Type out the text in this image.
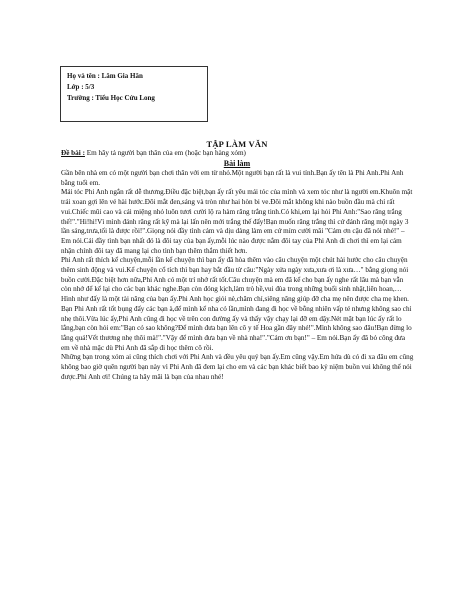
Họ và tên : Lâm Gia Hân
Lớp : 5/3
Trường : Tiểu Học Cửu Long
TẬP LÀM VĂN
Đề bài : Em hãy tả người bạn thân của em (hoặc bạn hàng xóm)
Bài làm

Gần bên nhà em có một người bạn chơi thân với em từ nhỏ.Một người bạn rất là vui tính.Bạn ấy tên là Phi Anh.Phi Anh bằng tuổi em.

Mái tóc Phi Anh ngắn rất dễ thương.Điều đặc biệt,bạn ấy rất yêu mái tóc của mình và xem tóc như là người em.Khuôn mặt trái xoan gợi lên vẻ hài hước.Đôi mắt đen,sáng và tròn như hai hòn bi ve.Đôi mắt không khi nào buồn đầu mà chỉ rất vui.Chiếc mũi cao và cái miệng nhỏ luôn tươi cười lộ ra hàm răng trắng tinh.Có khi,em lại hỏi Phi Anh:"Sao răng trắng thế!"."Hi!hi!Vì mình đánh răng rất kỹ mà lại lấn nên mới trắng thế đấy!Bạn muốn răng trắng thì cứ đánh răng một ngày 3 lần sáng,trưa,tối là được rồi!".Giọng nói đầy tình cảm và dịu dàng làm em cứ mỉm cười mãi "Cảm ơn cậu đã nói nhé!" – Em nói.Cái đầy tình bạn nhất đó là đôi tay của bạn ấy,mỗi lúc nào được nắm đôi tay của Phi Anh đi chơi thì em lại cảm nhận chính đôi tay đã mang lại cho tình bạn thêm thắm thiết hơn.

Phi Anh rất thích kể chuyện,mỗi lần kể chuyện thì bạn ấy đã hòa thêm vào câu chuyện một chút hài hước cho câu chuyện thêm sinh động và vui.Kể chuyện cổ tích thì bạn hay bắt đầu từ câu:"Ngày xửa ngày xưa,xưa ơi là xưa…" bằng giọng nói buồn cười.Đặc biệt hơn nữa,Phi Anh có một trí nhớ rất tốt.Câu chuyện mà em đã kể cho bạn ấy nghe rất lâu mà bạn vẫn còn nhớ để kể lại cho các bạn khác nghe.Bạn còn đóng kịch,làm trò hề,vui đùa trong những buổi sinh nhật,liên hoan,…Hình như đấy là một tài năng của bạn ấy.Phi Anh học giỏi nè,chăm chỉ,siêng năng giúp đỡ cha mẹ nên được cha mẹ khen.

Bạn Phi Anh rất tốt bụng đấy các bạn à,để mình kể nha có lần,mình đang đi học về bỗng nhiên vấp té nhưng không sao chỉ nhẹ thôi.Vừa lúc ấy,Phi Anh cũng đi học về trên con đường ấy và thấy vậy chạy lại đỡ em dậy.Nét mặt bạn lúc ấy rất lo lắng,bạn còn hỏi em:"Bạn có sao không?Để mình đưa bạn lên cô y tế Hoa gần đây nhé!".Mình không sao đâu!Bạn đừng lo lắng quá!Vết thương nhẹ thôi mà!"."Vậy để mình đưa bạn về nhà nha!"."Cảm ơn bạn!" – Em nói.Bạn ấy đã bỏ công đưa em về nhà mặc dù Phi Anh đã sắp đi học thêm cô rồi.

Những bạn trong xóm ai cũng thích chơi với Phi Anh và đều yêu quý bạn ấy.Em cũng vậy.Em hứa dù có đi xa đâu em cũng không bao giờ quên người bạn này vì Phi Anh đã đem lại cho em và các bạn khác biết bao kỷ niệm buồn vui không thể nói được.Phi Anh ơi! Chúng ta hãy mãi là bạn của nhau nhé!
